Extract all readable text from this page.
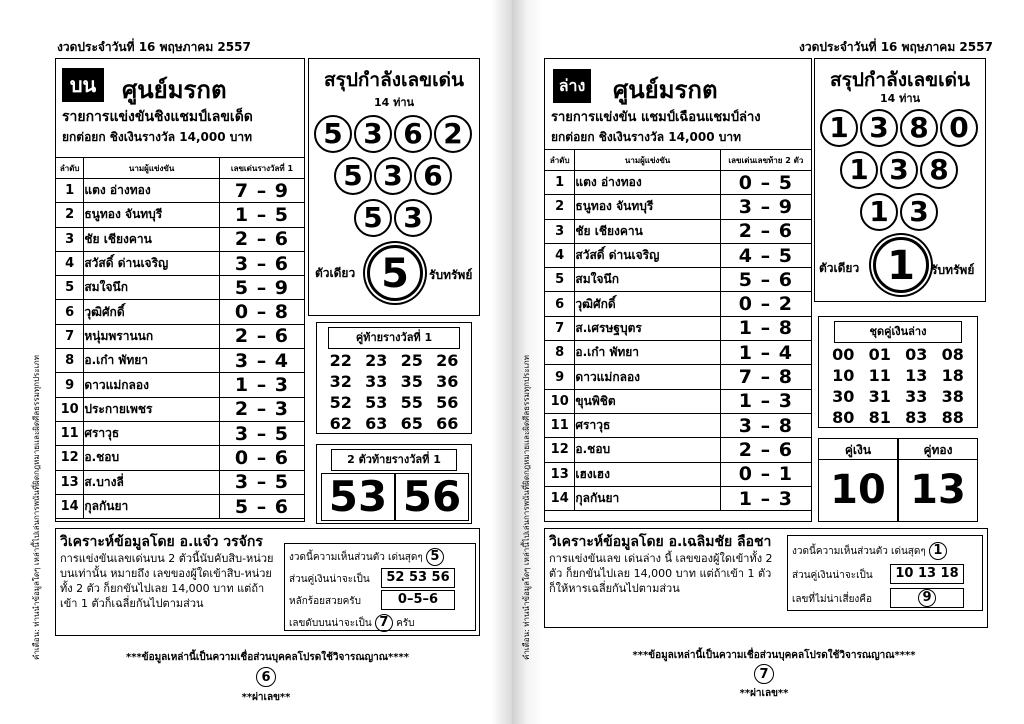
งวดประจำวันที่ 16 พฤษภาคม 2557
บน	ศูนย์มรกต
รายการแข่งขันชิงแชมป์เลขเด็ด
ยกต่อยก ชิงเงินรางวัล 14,000 บาท
ลำดับ	นามผู้แข่งขัน	เลขเด่นรางวัลที่ 1
1	แตง อ่างทอง	7 – 9
2	ธนูทอง จันทบุรี	1 – 5
3	ชัย เชียงคาน	2 – 6
4	สวัสดิ์ ด่านเจริญ	3 – 6
5	สมใจนึก	5 – 9
6	วุฒิศักดิ์	0 – 8
7	หนุ่มพรานนก	2 – 6
8	อ.เก๋า พัทยา	3 – 4
9	ดาวแม่กลอง	1 – 3
10	ประกายเพชร	2 – 3
11	ศราวุธ	3 – 5
12	อ.ชอบ	0 – 6
13	ส.บางลี่	3 – 5
14	กุลกันยา	5 – 6
สรุปกำลังเลขเด่น
14 ท่าน
5 3 6 2
5 3 6
5 3
ตัวเดียว 5	รับทรัพย์
คู่ท้ายรางวัลที่ 1
22 23 25 26
32 33 35 36
52 53 55 56
62 63 65 66
2 ตัวท้ายรางวัลที่ 1
53 56
วิเคราะห์ข้อมูลโดย อ.แจ๋ว วรจักร
การแข่งขันเลขเด่นบน 2 ตัวนี้นับคับสิบ-หน่วยบนเท่านั้น หมายถึง เลขของผู้ใดเข้าสิบ-หน่วยทั้ง 2 ตัว ก็ยกขันไปเลย 14,000 บาท แต่ถ้าเข้า 1 ตัวก็เฉลี่ยกันไปตามส่วน
งวดนี้ความเห็นส่วนตัว เด่นสุดๆ 5
ส่วนคู่เงินน่าจะเป็น	52 53 56
หลักร้อยสวยครับ	0–5–6
เลขดับบนน่าจะเป็น 7 ครับ
***ข้อมูลเหล่านี้เป็นความเชื่อส่วนบุคคลโปรดใช้วิจารณญาณ****
6
**ผ่าเลข**
คำเตือน: ท่านนำข้อมูลใดๆ เหล่านี้ไปเล่นการพนันที่ผิดกฎหมายและผิดศีลธรรมทุกประเภท
งวดประจำวันที่ 16 พฤษภาคม 2557
ล่าง ศูนย์มรกต
รายการแข่งขัน แชมป์เฉือนแชมป์ล่าง
ยกต่อยก ชิงเงินรางวัล 14,000 บาท
ลำดับ	นามผู้แข่งขัน	เลขเด่นเลขท้าย 2 ตัว
1	แตง อ่างทอง	0 – 5
2	ธนูทอง จันทบุรี	3 – 9
3	ชัย เชียงคาน	2 – 6
4	สวัสดิ์ ด่านเจริญ	4 – 5
5	สมใจนึก	5 – 6
6	วุฒิศักดิ์	0 – 2
7	ส.เศรษฐบุตร	1 – 8
8	อ.เก๋า พัทยา	1 – 4
9	ดาวแม่กลอง	7 – 8
10	ขุนพิชิต	1 – 3
11	ศราวุธ	3 – 8
12	อ.ชอบ	2 – 6
13	เฮงเฮง	0 – 1
14	กุลกันยา	1 – 3
สรุปกำลังเลขเด่น
14 ท่าน
1 3 8 0
1 3 8
1 3
ตัวเดียว 1	รับทรัพย์
ชุดคู่เงินล่าง
00 01 03 08
10 11 13 18
30 31 33 38
80 81 83 88
คู่เงิน	คู่ทอง
10 13
วิเคราะห์ข้อมูลโดย อ.เฉลิมชัย ลือชา
การแข่งขันเลข เด่นล่าง นี้ เลขของผู้ใดเข้าทั้ง 2 ตัว ก็ยกขันไปเลย 14,000 บาท แต่ถ้าเข้า 1 ตัว ก็ให้หารเฉลี่ยกันไปตามส่วน
งวดนี้ความเห็นส่วนตัว เด่นสุดๆ 1
ส่วนคู่เงินน่าจะเป็น	10 13 18
เลขที่ไม่น่าเสี่ยงคือ	9
***ข้อมูลเหล่านี้เป็นความเชื่อส่วนบุคคลโปรดใช้วิจารณญาณ****
7
**ผ่าเลข**
คำเตือน: ท่านนำข้อมูลใดๆ เหล่านี้ไปเล่นการพนันที่ผิดกฎหมายและผิดศีลธรรมทุกประเภท
